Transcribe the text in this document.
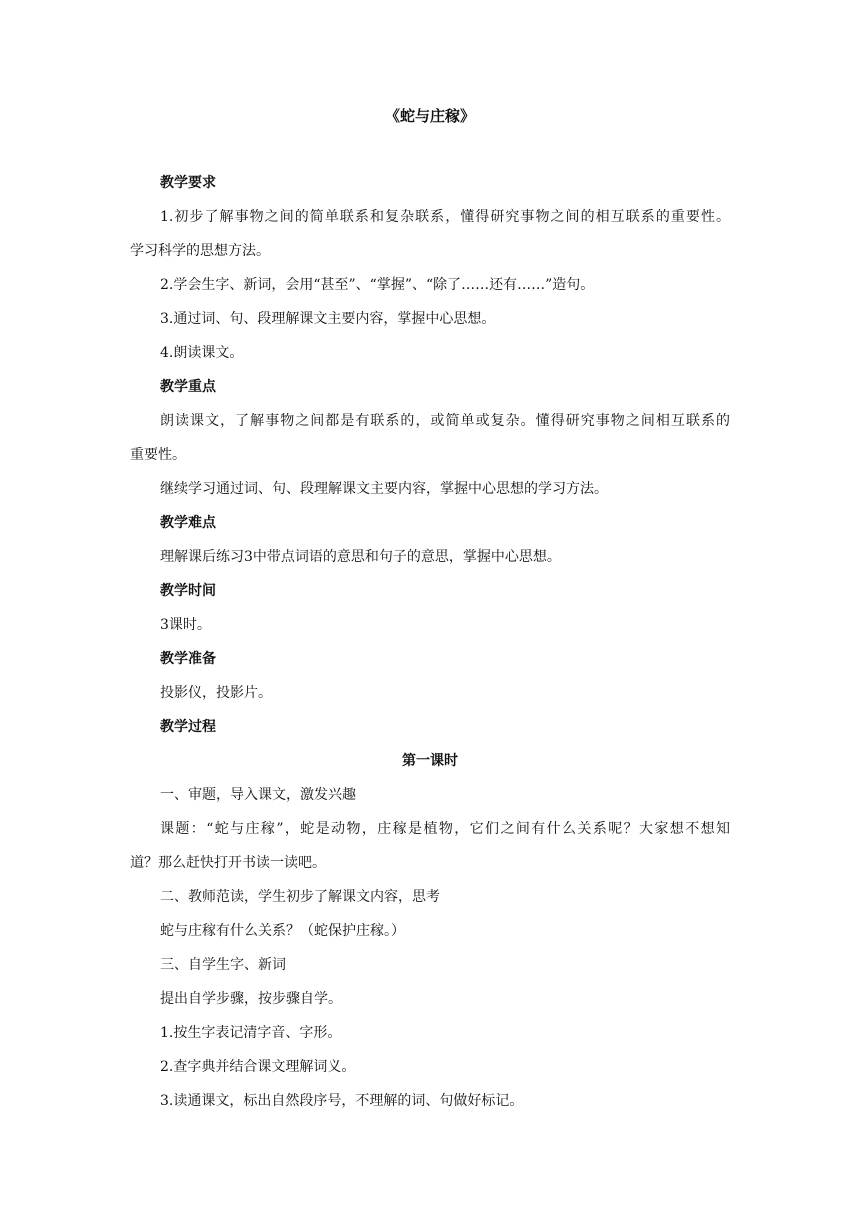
《蛇与庄稼》

教学要求

1.初步了解事物之间的简单联系和复杂联系，懂得研究事物之间的相互联系的重要性。
学习科学的思想方法。

2.学会生字、新词，会用“甚至”、“掌握”、“除了……还有……”造句。

3.通过词、句、段理解课文主要内容，掌握中心思想。

4.朗读课文。

教学重点

朗读课文，了解事物之间都是有联系的，或简单或复杂。懂得研究事物之间相互联系的
重要性。

继续学习通过词、句、段理解课文主要内容，掌握中心思想的学习方法。

教学难点

理解课后练习3中带点词语的意思和句子的意思，掌握中心思想。

教学时间

3课时。

教学准备

投影仪，投影片。

教学过程

第一课时

一、审题，导入课文，激发兴趣

课题：“蛇与庄稼”，蛇是动物，庄稼是植物，它们之间有什么关系呢？大家想不想知
道？那么赶快打开书读一读吧。

二、教师范读，学生初步了解课文内容，思考

蛇与庄稼有什么关系？（蛇保护庄稼。）

三、自学生字、新词

提出自学步骤，按步骤自学。

1.按生字表记清字音、字形。

2.查字典并结合课文理解词义。

3.读通课文，标出自然段序号，不理解的词、句做好标记。
